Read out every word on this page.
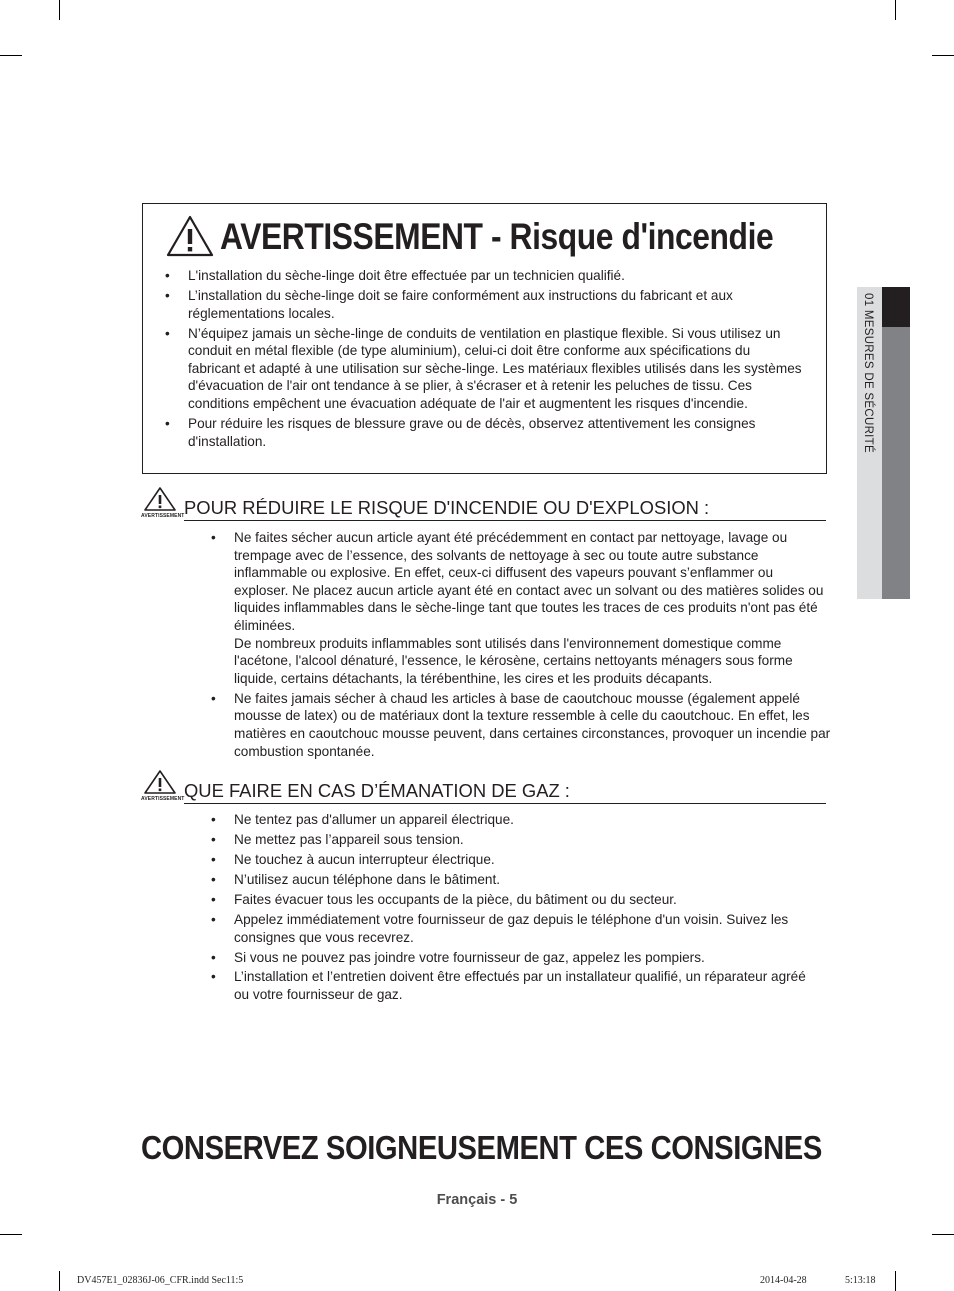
01 MESURES DE SÉCURITÉ
AVERTISSEMENT - Risque d'incendie
• L'installation du sèche-linge doit être effectuée par un technicien qualifié.
• L’installation du sèche-linge doit se faire conformément aux instructions du fabricant et aux réglementations locales.
• N’équipez jamais un sèche-linge de conduits de ventilation en plastique flexible. Si vous utilisez un conduit en métal flexible (de type aluminium), celui-ci doit être conforme aux spécifications du fabricant et adapté à une utilisation sur sèche-linge. Les matériaux flexibles utilisés dans les systèmes d'évacuation de l'air ont tendance à se plier, à s'écraser et à retenir les peluches de tissu. Ces conditions empêchent une évacuation adéquate de l'air et augmentent les risques d'incendie.
• Pour réduire les risques de blessure grave ou de décès, observez attentivement les consignes d'installation.
AVERTISSEMENT POUR RÉDUIRE LE RISQUE D'INCENDIE OU D'EXPLOSION :
• Ne faites sécher aucun article ayant été précédemment en contact par nettoyage, lavage ou trempage avec de l’essence, des solvants de nettoyage à sec ou toute autre substance inflammable ou explosive. En effet, ceux-ci diffusent des vapeurs pouvant s’enflammer ou exploser. Ne placez aucun article ayant été en contact avec un solvant ou des matières solides ou liquides inflammables dans le sèche-linge tant que toutes les traces de ces produits n'ont pas été éliminées.
De nombreux produits inflammables sont utilisés dans l'environnement domestique comme l'acétone, l'alcool dénaturé, l'essence, le kérosène, certains nettoyants ménagers sous forme liquide, certains détachants, la térébenthine, les cires et les produits décapants.
• Ne faites jamais sécher à chaud les articles à base de caoutchouc mousse (également appelé mousse de latex) ou de matériaux dont la texture ressemble à celle du caoutchouc. En effet, les matières en caoutchouc mousse peuvent, dans certaines circonstances, provoquer un incendie par combustion spontanée.
AVERTISSEMENT QUE FAIRE EN CAS D’ÉMANATION DE GAZ :
• Ne tentez pas d'allumer un appareil électrique.
• Ne mettez pas l’appareil sous tension.
• Ne touchez à aucun interrupteur électrique.
• N’utilisez aucun téléphone dans le bâtiment.
• Faites évacuer tous les occupants de la pièce, du bâtiment ou du secteur.
• Appelez immédiatement votre fournisseur de gaz depuis le téléphone d'un voisin. Suivez les consignes que vous recevrez.
• Si vous ne pouvez pas joindre votre fournisseur de gaz, appelez les pompiers.
• L’installation et l’entretien doivent être effectués par un installateur qualifié, un réparateur agréé ou votre fournisseur de gaz.
CONSERVEZ SOIGNEUSEMENT CES CONSIGNES
Français - 5
DV457E1_02836J-06_CFR.indd Sec11:5	2014-04-28	5:13:18
